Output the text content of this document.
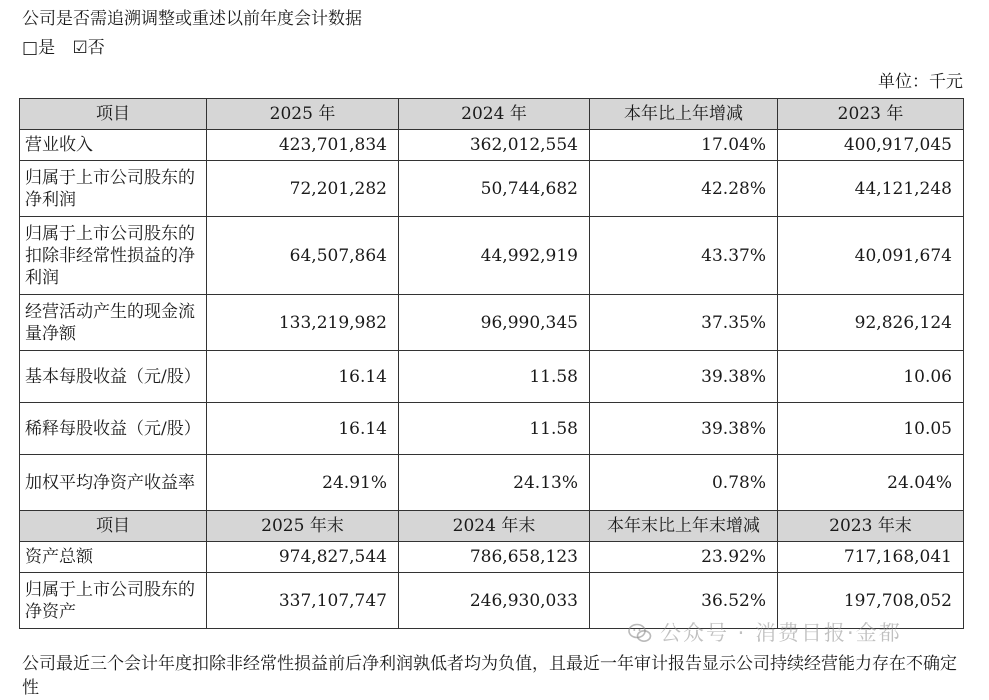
公司是否需追溯调整或重述以前年度会计数据
□是 ☑否
单位：千元
项目	2025 年	2024 年	本年比上年增减	2023 年
营业收入	423,701,834	362,012,554	17.04%	400,917,045
归属于上市公司股东的净利润	72,201,282	50,744,682	42.28%	44,121,248
归属于上市公司股东的扣除非经常性损益的净利润	64,507,864	44,992,919	43.37%	40,091,674
经营活动产生的现金流量净额	133,219,982	96,990,345	37.35%	92,826,124
基本每股收益（元/股）	16.14	11.58	39.38%	10.06
稀释每股收益（元/股）	16.14	11.58	39.38%	10.05
加权平均净资产收益率	24.91%	24.13%	0.78%	24.04%
项目	2025 年末	2024 年末	本年末比上年末增减	2023 年末
资产总额	974,827,544	786,658,123	23.92%	717,168,041
归属于上市公司股东的净资产	337,107,747	246,930,033	36.52%	197,708,052
公众号 · 消费日报·金都
公司最近三个会计年度扣除非经常性损益前后净利润孰低者均为负值，且最近一年审计报告显示公司持续经营能力存在不确定性
